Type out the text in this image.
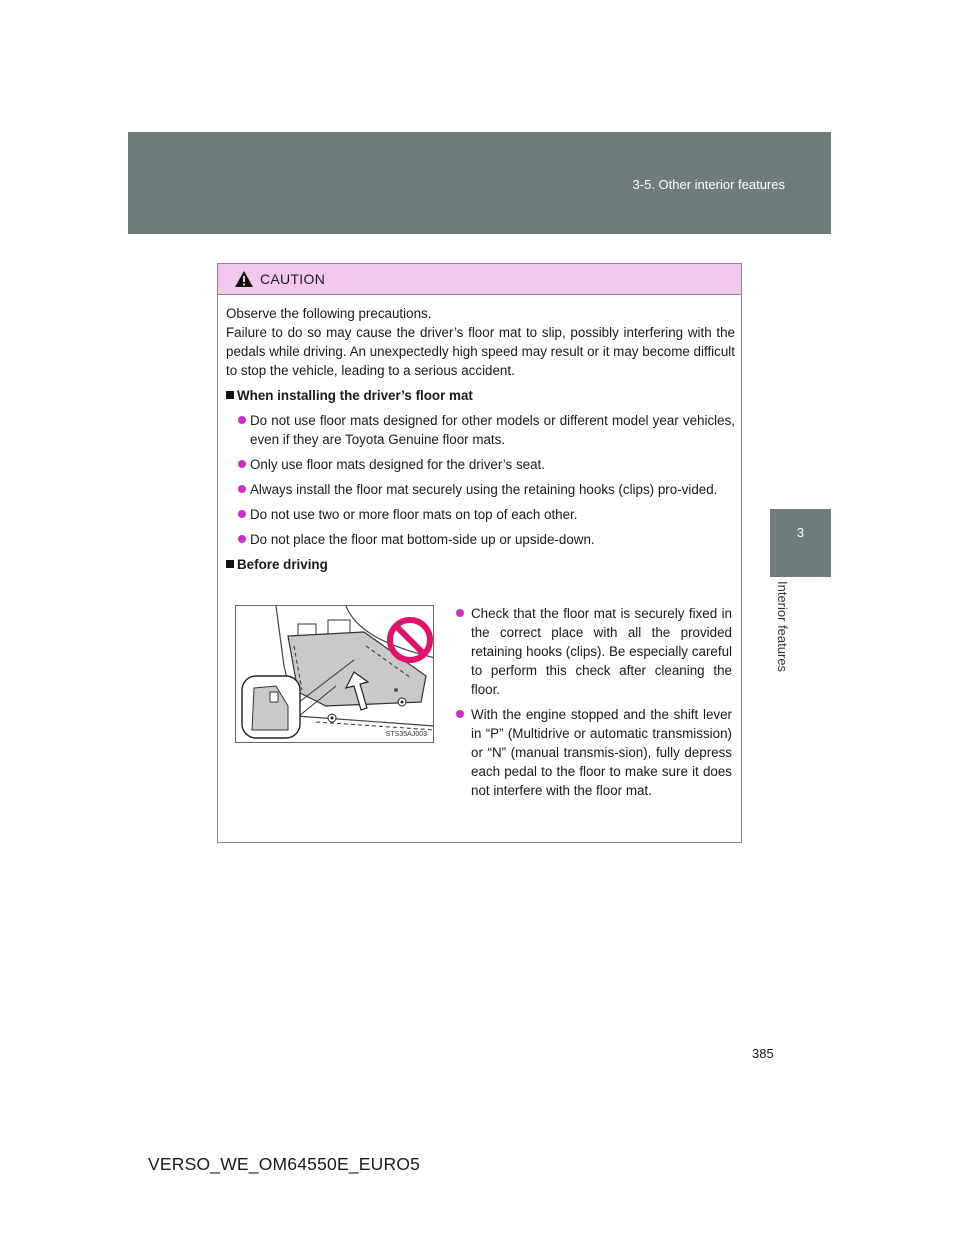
3-5. Other interior features
3
Interior features
CAUTION

Observe the following precautions.

Failure to do so may cause the driver’s floor mat to slip, possibly interfering with the pedals while driving. An unexpectedly high speed may result or it may become difficult to stop the vehicle, leading to a serious accident.

When installing the driver’s floor mat
Do not use floor mats designed for other models or different model year vehicles, even if they are Toyota Genuine floor mats.
Only use floor mats designed for the driver’s seat.
Always install the floor mat securely using the retaining hooks (clips) pro-vided.
Do not use two or more floor mats on top of each other.
Do not place the floor mat bottom-side up or upside-down.
Before driving
STS35AJ003
Check that the floor mat is securely fixed in the correct place with all the provided retaining hooks (clips). Be especially careful to perform this check after cleaning the floor.
With the engine stopped and the shift lever in “P” (Multidrive or automatic transmission) or “N” (manual transmis-sion), fully depress each pedal to the floor to make sure it does not interfere with the floor mat.
385
VERSO_WE_OM64550E_EURO5
